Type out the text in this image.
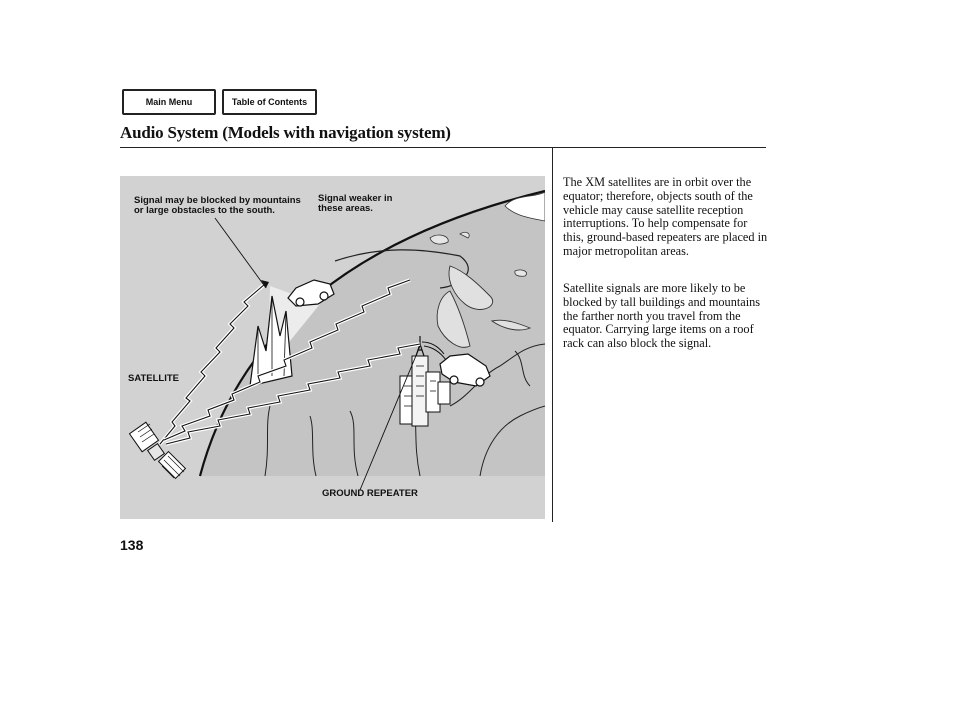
Main Menu	Table of Contents
Audio System (Models with navigation system)

Signal may be blocked by mountains or large obstacles to the south.

Signal weaker in these areas.

SATELLITE

GROUND REPEATER

The XM satellites are in orbit over the equator; therefore, objects south of the vehicle may cause satellite reception interruptions. To help compensate for this, ground-based repeaters are placed in major metropolitan areas.

Satellite signals are more likely to be blocked by tall buildings and mountains the farther north you travel from the equator. Carrying large items on a roof rack can also block the signal.

138
